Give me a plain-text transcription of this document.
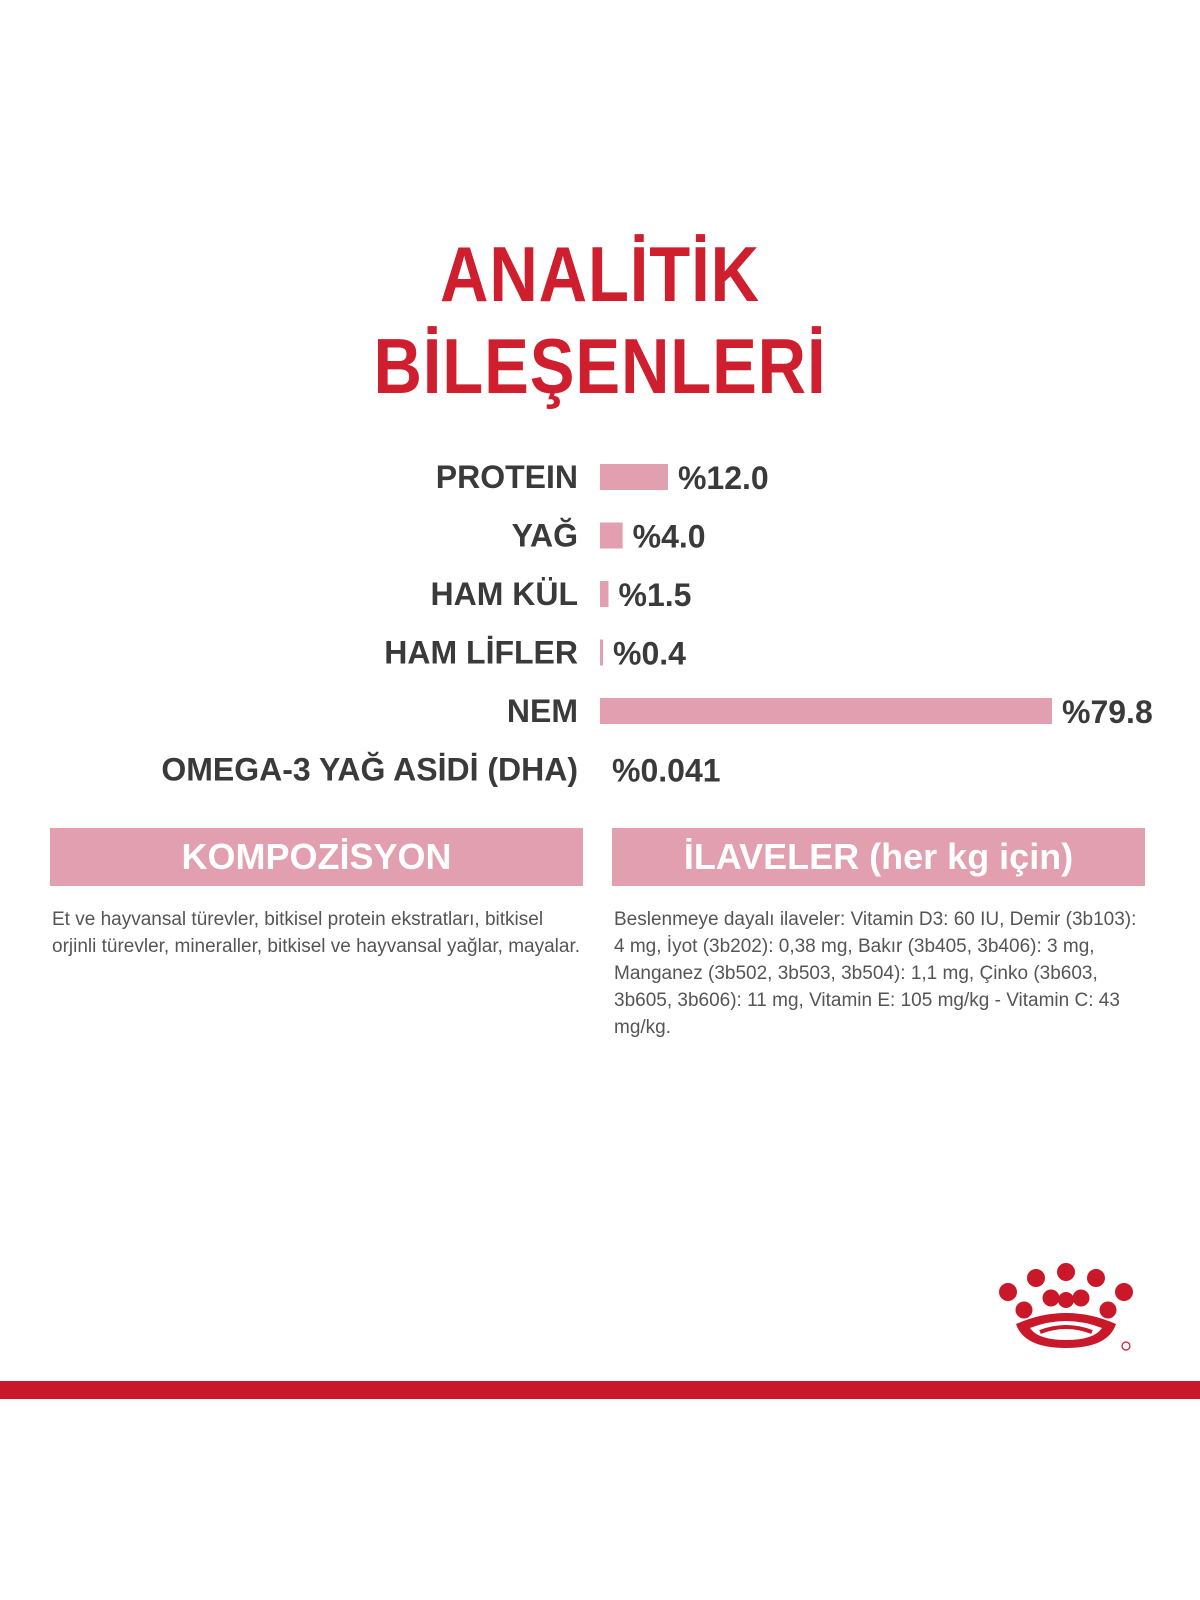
ANALİTİK
BİLEŞENLERİ
PROTEIN	%12.0
YAĞ %4.0
HAM KÜL %1.5
HAM LİFLER %0.4
NEM	%79.8
OMEGA-3 YAĞ ASİDİ (DHA) %0.041
KOMPOZİSYON	İLAVELER (her kg için)

Et ve hayvansal türevler, bitkisel protein ekstratları, bitkisel orjinli türevler, mineraller, bitkisel ve hayvansal yağlar, mayalar.

Beslenmeye dayalı ilaveler: Vitamin D3: 60 IU, Demir (3b103): 4 mg, İyot (3b202): 0,38 mg, Bakır (3b405, 3b406): 3 mg, Manganez (3b502, 3b503, 3b504): 1,1 mg, Çinko (3b603, 3b605, 3b606): 11 mg, Vitamin E: 105 mg/kg - Vitamin C: 43 mg/kg.
